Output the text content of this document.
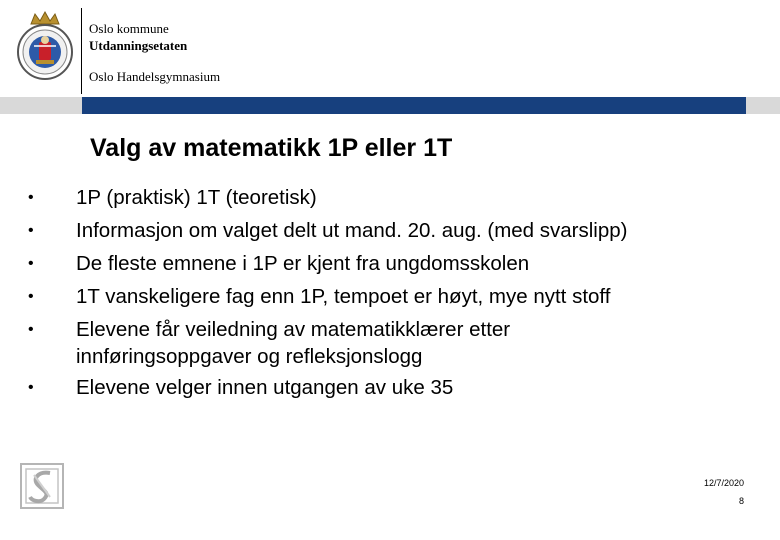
Oslo kommune
Utdanningsetaten
Oslo Handelsgymnasium
Valg av matematikk 1P eller 1T
• 1P (praktisk) 1T (teoretisk)
• Informasjon om valget delt ut mand. 20. aug. (med svarslipp)
• De fleste emnene i 1P er kjent fra ungdomsskolen
• 1T vanskeligere fag enn 1P, tempoet er høyt, mye nytt stoff
• Elevene får veiledning av matematikklærer etter innføringsoppgaver og refleksjonslogg
• Elevene velger innen utgangen av uke 35
12/7/2020
8
